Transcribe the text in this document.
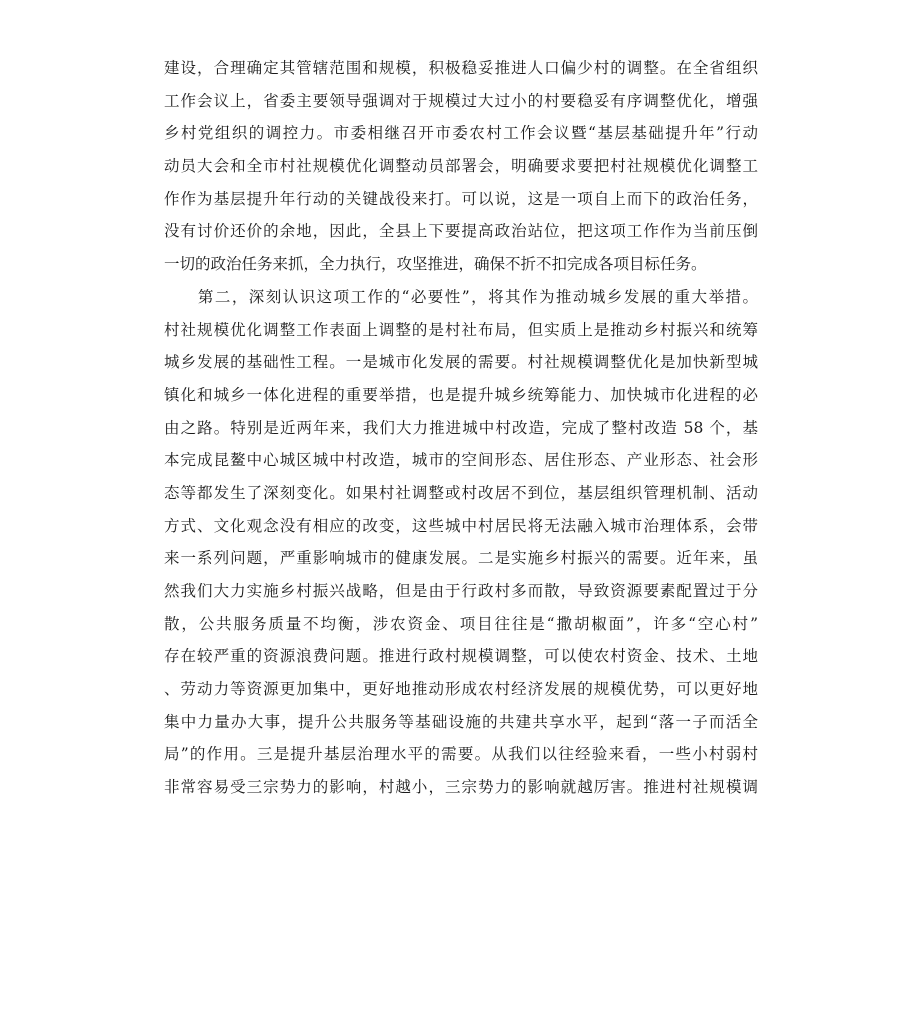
建设，合理确定其管辖范围和规模，积极稳妥推进人口偏少村的调整。在全省组织
工作会议上，省委主要领导强调对于规模过大过小的村要稳妥有序调整优化，增强
乡村党组织的调控力。市委相继召开市委农村工作会议暨“基层基础提升年”行动
动员大会和全市村社规模优化调整动员部署会，明确要求要把村社规模优化调整工
作作为基层提升年行动的关键战役来打。可以说，这是一项自上而下的政治任务，
没有讨价还价的余地，因此，全县上下要提高政治站位，把这项工作作为当前压倒
一切的政治任务来抓，全力执行，攻坚推进，确保不折不扣完成各项目标任务。
　　第二，深刻认识这项工作的“必要性”，将其作为推动城乡发展的重大举措。
村社规模优化调整工作表面上调整的是村社布局，但实质上是推动乡村振兴和统筹
城乡发展的基础性工程。一是城市化发展的需要。村社规模调整优化是加快新型城
镇化和城乡一体化进程的重要举措，也是提升城乡统筹能力、加快城市化进程的必
由之路。特别是近两年来，我们大力推进城中村改造，完成了整村改造 58 个，基
本完成昆鳌中心城区城中村改造，城市的空间形态、居住形态、产业形态、社会形
态等都发生了深刻变化。如果村社调整或村改居不到位，基层组织管理机制、活动
方式、文化观念没有相应的改变，这些城中村居民将无法融入城市治理体系，会带
来一系列问题，严重影响城市的健康发展。二是实施乡村振兴的需要。近年来，虽
然我们大力实施乡村振兴战略，但是由于行政村多而散，导致资源要素配置过于分
散，公共服务质量不均衡，涉农资金、项目往往是“撒胡椒面”，许多“空心村”
存在较严重的资源浪费问题。推进行政村规模调整，可以使农村资金、技术、土地
、劳动力等资源更加集中，更好地推动形成农村经济发展的规模优势，可以更好地
集中力量办大事，提升公共服务等基础设施的共建共享水平，起到“落一子而活全
局”的作用。三是提升基层治理水平的需要。从我们以往经验来看，一些小村弱村
非常容易受三宗势力的影响，村越小，三宗势力的影响就越厉害。推进村社规模调
